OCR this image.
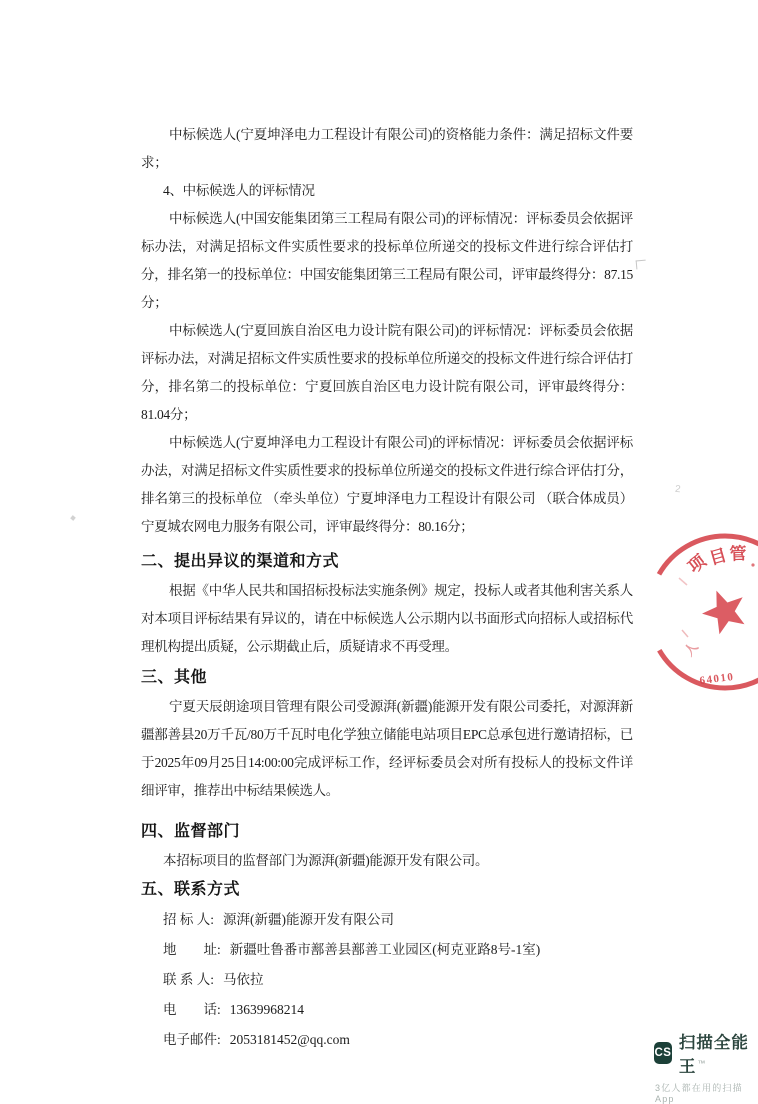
中标候选人(宁夏坤泽电力工程设计有限公司)的资格能力条件：满足招标文件要求；

4、中标候选人的评标情况

中标候选人(中国安能集团第三工程局有限公司)的评标情况：评标委员会依据评标办法，对满足招标文件实质性要求的投标单位所递交的投标文件进行综合评估打分，排名第一的投标单位：中国安能集团第三工程局有限公司，评审最终得分：87.15分；

中标候选人(宁夏回族自治区电力设计院有限公司)的评标情况：评标委员会依据评标办法，对满足招标文件实质性要求的投标单位所递交的投标文件进行综合评估打分，排名第二的投标单位：宁夏回族自治区电力设计院有限公司，评审最终得分：81.04分；

中标候选人(宁夏坤泽电力工程设计有限公司)的评标情况：评标委员会依据评标办法，对满足招标文件实质性要求的投标单位所递交的投标文件进行综合评估打分，排名第三的投标单位 （牵头单位）宁夏坤泽电力工程设计有限公司 （联合体成员）宁夏城农网电力服务有限公司，评审最终得分：80.16分；

二、提出异议的渠道和方式

根据《中华人民共和国招标投标法实施条例》规定，投标人或者其他利害关系人对本项目评标结果有异议的，请在中标候选人公示期内以书面形式向招标人或招标代理机构提出质疑，公示期截止后，质疑请求不再受理。

三、其他

宁夏天辰朗途项目管理有限公司受源湃(新疆)能源开发有限公司委托，对源湃新疆鄯善县20万千瓦/80万千瓦时电化学独立储能电站项目EPC总承包进行邀请招标，已于2025年09月25日14:00:00完成评标工作，经评标委员会对所有投标人的投标文件详细评审，推荐出中标结果候选人。

四、监督部门

本招标项目的监督部门为源湃(新疆)能源开发有限公司。

五、联系方式
招 标 人: 源湃(新疆)能源开发有限公司
地　　址: 新疆吐鲁番市鄯善县鄯善工业园区(柯克亚路8号-1室)
联 系 人: 马依拉
电　　话: 13639968214
电子邮件: 2053181452@qq.com
项
目 管
人
64010
CS
扫描全能王™
3亿人都在用的扫描App
2
